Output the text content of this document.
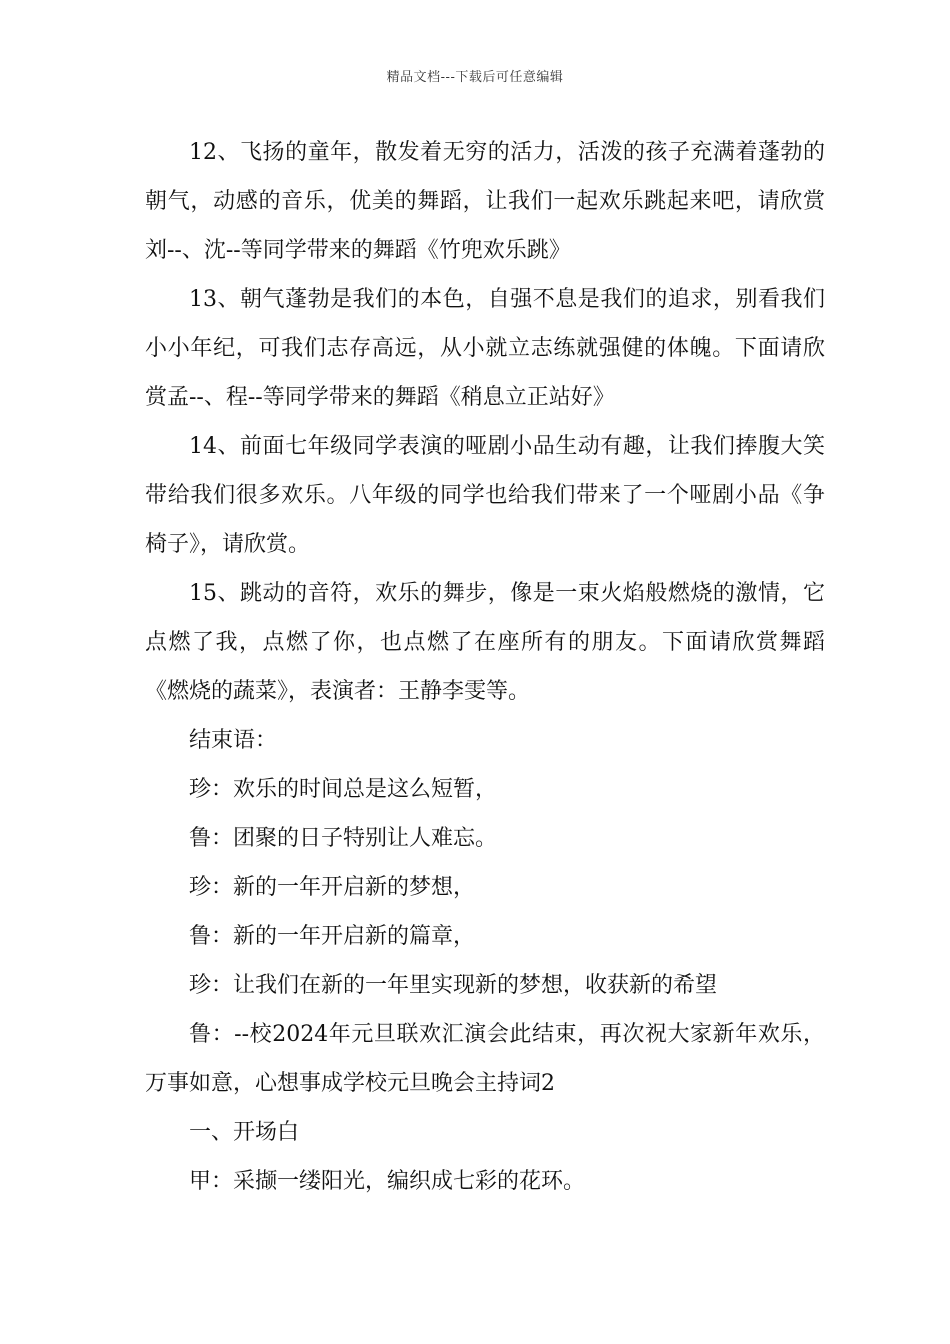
精品文档---下载后可任意编辑

12、飞扬的童年，散发着无穷的活力，活泼的孩子充满着蓬勃的朝气，动感的音乐，优美的舞蹈，让我们一起欢乐跳起来吧，请欣赏刘--、沈--等同学带来的舞蹈《竹兜欢乐跳》

13、朝气蓬勃是我们的本色，自强不息是我们的追求，别看我们小小年纪，可我们志存高远，从小就立志练就强健的体魄。下面请欣赏孟--、程--等同学带来的舞蹈《稍息立正站好》

14、前面七年级同学表演的哑剧小品生动有趣，让我们捧腹大笑带给我们很多欢乐。八年级的同学也给我们带来了一个哑剧小品《争椅子》，请欣赏。

15、跳动的音符，欢乐的舞步，像是一束火焰般燃烧的激情，它点燃了我，点燃了你，也点燃了在座所有的朋友。下面请欣赏舞蹈《燃烧的蔬菜》，表演者：王静李雯等。

结束语：

珍：欢乐的时间总是这么短暂，

鲁：团聚的日子特别让人难忘。

珍：新的一年开启新的梦想，

鲁：新的一年开启新的篇章，

珍：让我们在新的一年里实现新的梦想，收获新的希望

鲁：--校2024年元旦联欢汇演会此结束，再次祝大家新年欢乐，万事如意，心想事成学校元旦晚会主持词2

一、开场白

甲：采撷一缕阳光，编织成七彩的花环。
